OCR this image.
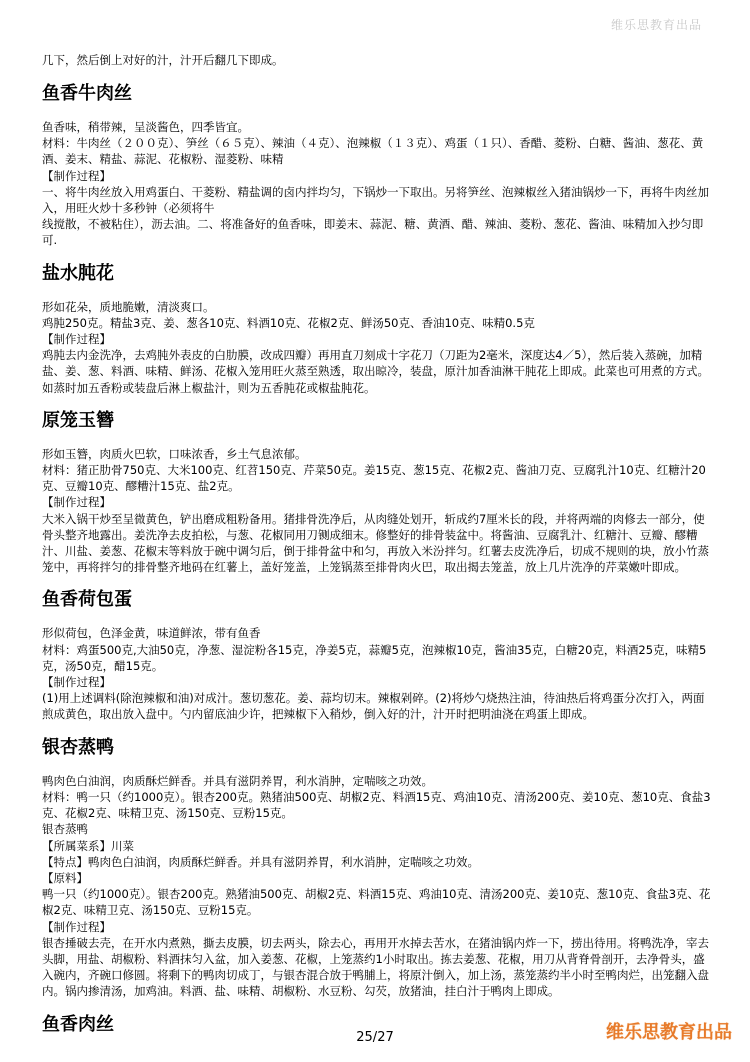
维乐思教育出品

几下，然后倒上对好的汁，汁开后翻几下即成。

鱼香牛肉丝

鱼香味，稍带辣，呈淡酱色，四季皆宜。

材料：牛肉丝（２００克）、笋丝（６５克）、辣油（４克）、泡辣椒（１３克）、鸡蛋（１只）、香醋、菱粉、白糖、酱油、葱花、黄酒、姜末、精盐、蒜泥、花椒粉、湿菱粉、味精

【制作过程】

一、将牛肉丝放入用鸡蛋白、干菱粉、精盐调的卤内拌均匀，下锅炒一下取出。另将笋丝、泡辣椒丝入猪油锅炒一下，再将牛肉丝加入，用旺火炒十多秒钟（必须将牛

线搅散，不被粘住），沥去油。二、将准备好的鱼香味，即姜末、蒜泥、糖、黄酒、醋、辣油、菱粉、葱花、酱油、味精加入抄匀即可.

盐水肫花

形如花朵，质地脆嫩，清淡爽口。

鸡肫250克。精盐3克、姜、葱各10克、料酒10克、花椒2克、鲜汤50克、香油10克、味精0.5克

【制作过程】

鸡肫去内金洗净，去鸡肫外表皮的白肋膜，改成四瓣）再用直刀刻成十字花刀（刀距为2毫米，深度达4／5），然后装入蒸碗，加精盐、姜、葱、料酒、味精、鲜汤、花椒入笼用旺火蒸至熟透，取出晾冷，装盘，原汁加香油淋干肫花上即成。此菜也可用煮的方式。如蒸时加五香粉或装盘后淋上椒盐汁，则为五香肫花或椒盐肫花。

原笼玉簪

形如玉簪，肉质火巴软，口味浓香，乡土气息浓郁。

材料：猪正肋骨750克、大米100克、红苕150克、芹菜50克。姜15克、葱15克、花椒2克、酱油刀克、豆腐乳汁10克、红糖汁20克、豆瓣10克、醪糟汁15克、盐2克。

【制作过程】

大米入锅干炒至呈微黄色，铲出磨成粗粉备用。猪排骨洗净后，从肉缝处划开，斩成约7厘米长的段，并将两端的肉修去一部分，使骨头整齐地露出。姜洗净去皮拍松，与葱、花椒同用刀铡成细末。修整好的排骨装盆中。将酱油、豆腐乳汁、红糖汁、豆瓣、醪糟汁、川盐、姜葱、花椒末等料放于碗中调匀后，倒于排骨盆中和匀，再放入米汾拌匀。红薯去皮洗净后，切成不规则的块，放小竹蒸笼中，再将拌匀的排骨整齐地码在红薯上，盖好笼盖，上笼锅蒸至排骨肉火巴，取出揭去笼盖，放上几片洗净的芹菜嫩叶即成。

鱼香荷包蛋

形似荷包，色泽金黄，味道鲜浓，带有鱼香

材料：鸡蛋500克,大油50克，净葱、湿淀粉各15克，净姜5克，蒜瓣5克，泡辣椒10克，酱油35克，白糖20克，料酒25克，味精5克，汤50克，醋15克。

【制作过程】

(1)用上述调料(除泡辣椒和油)对成汁。葱切葱花。姜、蒜均切末。辣椒剁碎。(2)将炒勺烧热注油，待油热后将鸡蛋分次打入，两面煎成黄色，取出放入盘中。勺内留底油少许，把辣椒下入稍炒，倒入好的汁，汁开时把明油浇在鸡蛋上即成。

银杏蒸鸭

鸭肉色白油润，肉质酥烂鲜香。并具有滋阴养胃，利水消肿，定喘咳之功效。

材料：鸭一只（约1000克）。银杏200克。熟猪油500克、胡椒2克、料酒15克、鸡油10克、清汤200克、姜10克、葱10克、食盐3克、花椒2克、味精卫克、汤150克、豆粉15克。

银杏蒸鸭

【所属菜系】川菜

【特点】鸭肉色白油润，肉质酥烂鲜香。并具有滋阴养胃，利水消肿，定喘咳之功效。

【原料】

鸭一只（约1000克）。银杏200克。熟猪油500克、胡椒2克、料酒15克、鸡油10克、清汤200克、姜10克、葱10克、食盐3克、花椒2克、味精卫克、汤150克、豆粉15克。

【制作过程】

银杏捶破去壳，在开水内煮熟，撕去皮膜，切去两头，除去心，再用开水掉去苦水，在猪油锅内炸一下，捞出待用。将鸭洗净，宰去头脚，用盐、胡椒粉、料酒抹匀入盆，加入姜葱、花椒，上笼蒸约1小时取出。拣去姜葱、花椒，用刀从背脊骨剖开，去净骨头，盛入碗内，齐碗口修圆。将剩下的鸭肉切成丁，与银杏混合放于鸭脯上，将原汁倒入，加上汤，蒸笼蒸约半小时至鸭肉烂，出笼翻入盘内。锅内掺清汤，加鸡油。料酒、盐、味精、胡椒粉、水豆粉、勾芡，放猪油，挂白汁于鸭肉上即成。

鱼香肉丝
25/27	维乐思教育出品
